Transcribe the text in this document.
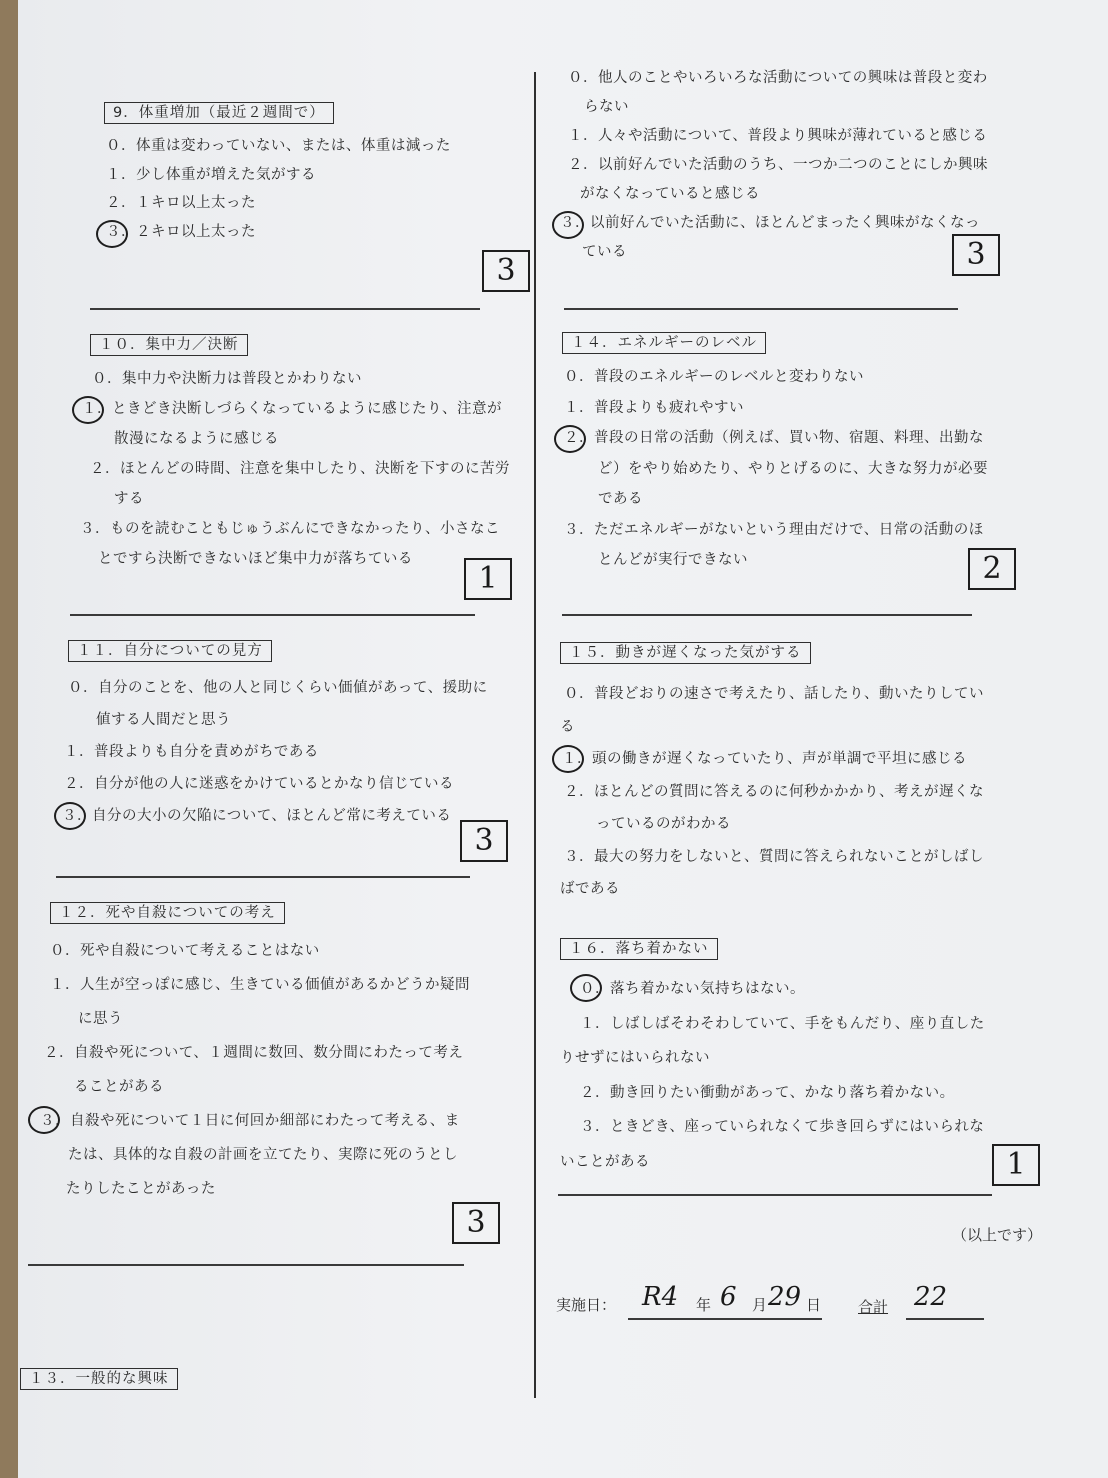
9．体重増加（最近２週間で）
０．体重は変わっていない、または、体重は減った
１．少し体重が増えた気がする
２．１キロ以上太った
３．２キロ以上太った
3
１０．集中力／決断
０．集中力や決断力は普段とかわりない
１．ときどき決断しづらくなっているように感じたり、注意が
散漫になるように感じる
２．ほとんどの時間、注意を集中したり、決断を下すのに苦労
する
３．ものを読むこともじゅうぶんにできなかったり、小さなこ
とですら決断できないほど集中力が落ちている
1
１１．自分についての見方
０．自分のことを、他の人と同じくらい価値があって、援助に
値する人間だと思う
１．普段よりも自分を責めがちである
２．自分が他の人に迷惑をかけているとかなり信じている
３．自分の大小の欠陥について、ほとんど常に考えている
3
１２．死や自殺についての考え
０．死や自殺について考えることはない
１．人生が空っぽに感じ、生きている価値があるかどうか疑問
に思う
２．自殺や死について、１週間に数回、数分間にわたって考え
ることがある
３．自殺や死について１日に何回か細部にわたって考える、ま
たは、具体的な自殺の計画を立てたり、実際に死のうとし
たりしたことがあった
3
１３．一般的な興味
０．他人のことやいろいろな活動についての興味は普段と変わ
らない
１．人々や活動について、普段より興味が薄れていると感じる
２．以前好んでいた活動のうち、一つか二つのことにしか興味
がなくなっていると感じる
３．以前好んでいた活動に、ほとんどまったく興味がなくなっ
ている	3
１４．エネルギーのレベル
０．普段のエネルギーのレベルと変わりない
１．普段よりも疲れやすい
２．普段の日常の活動（例えば、買い物、宿題、料理、出勤な
ど）をやり始めたり、やりとげるのに、大きな努力が必要
である
３．ただエネルギーがないという理由だけで、日常の活動のほ
とんどが実行できない	2
１５．動きが遅くなった気がする
０．普段どおりの速さで考えたり、話したり、動いたりしてい
る
１．頭の働きが遅くなっていたり、声が単調で平坦に感じる
２．ほとんどの質問に答えるのに何秒かかかり、考えが遅くな
っているのがわかる
３．最大の努力をしないと、質問に答えられないことがしばし
ばである
１６．落ち着かない
０．落ち着かない気持ちはない。
１．しばしばそわそわしていて、手をもんだり、座り直した
りせずにはいられない
２．動き回りたい衝動があって、かなり落ち着かない。
３．ときどき、座っていられなくて歩き回らずにはいられな
いことがある	1
（以上です）
実施日： R4 年 6 月 29 日 合計 22
